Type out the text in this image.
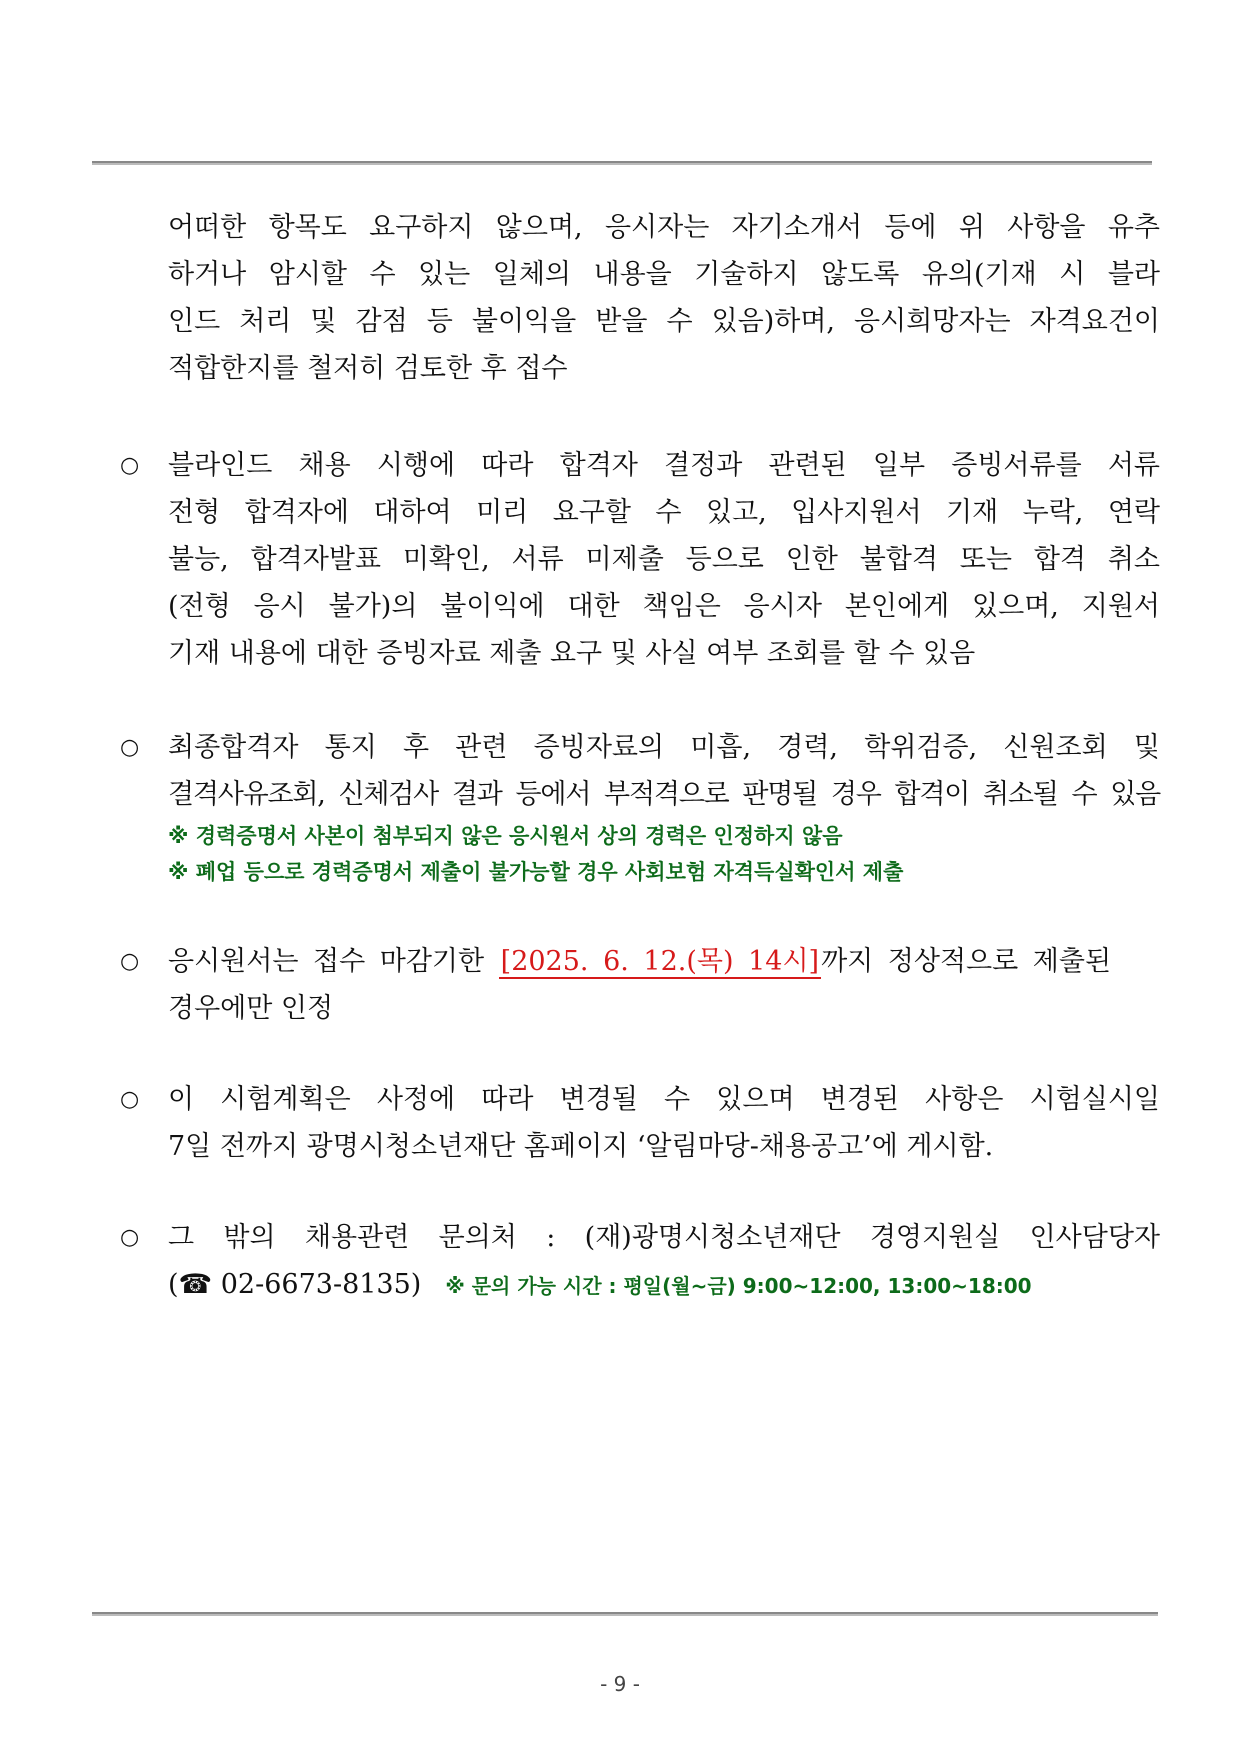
어떠한 항목도 요구하지 않으며, 응시자는 자기소개서 등에 위 사항을 유추
하거나 암시할 수 있는 일체의 내용을 기술하지 않도록 유의(기재 시 블라
인드 처리 및 감점 등 불이익을 받을 수 있음)하며, 응시희망자는 자격요건이
적합한지를 철저히 검토한 후 접수
○	블라인드 채용 시행에 따라 합격자 결정과 관련된 일부 증빙서류를 서류
전형 합격자에 대하여 미리 요구할 수 있고, 입사지원서 기재 누락, 연락
불능, 합격자발표 미확인, 서류 미제출 등으로 인한 불합격 또는 합격 취소
(전형 응시 불가)의 불이익에 대한 책임은 응시자 본인에게 있으며, 지원서
기재 내용에 대한 증빙자료 제출 요구 및 사실 여부 조회를 할 수 있음
○	최종합격자 통지 후 관련 증빙자료의 미흡, 경력, 학위검증, 신원조회 및
결격사유조회, 신체검사 결과 등에서 부적격으로 판명될 경우 합격이 취소될 수 있음
※ 경력증명서 사본이 첨부되지 않은 응시원서 상의 경력은 인정하지 않음
※ 폐업 등으로 경력증명서 제출이 불가능할 경우 사회보험 자격득실확인서 제출
○	응시원서는 접수 마감기한 [2025. 6. 12.(목) 14시]까지 정상적으로 제출된
경우에만 인정
○	이 시험계획은 사정에 따라 변경될 수 있으며 변경된 사항은 시험실시일
7일 전까지 광명시청소년재단 홈페이지 ‘알림마당-채용공고’에 게시함.
○	그 밖의 채용관련 문의처 : (재)광명시청소년재단 경영지원실 인사담당자
(☎ 02-6673-8135) ※ 문의 가능 시간 : 평일(월~금) 9:00~12:00, 13:00~18:00
- 9 -
